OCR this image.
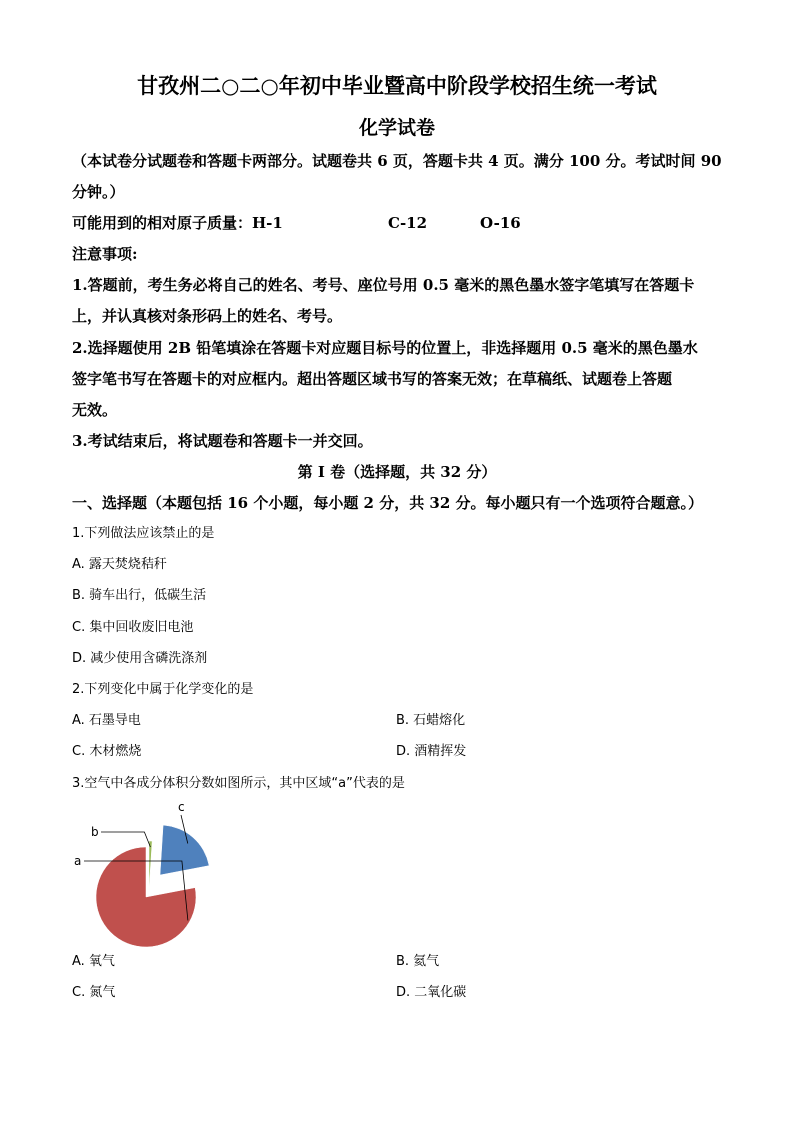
甘孜州二○二○年初中毕业暨高中阶段学校招生统一考试
化学试卷
（本试卷分试题卷和答题卡两部分。试题卷共 6 页，答题卡共 4 页。满分 100 分。考试时间 90
分钟。）
可能用到的相对原子质量：H-1	C-12	O-16
注意事项:
1.答题前，考生务必将自己的姓名、考号、座位号用 0.5 毫米的黑色墨水签字笔填写在答题卡
上，并认真核对条形码上的姓名、考号。
2.选择题使用 2B 铅笔填涂在答题卡对应题目标号的位置上，非选择题用 0.5 毫米的黑色墨水
签字笔书写在答题卡的对应框内。超出答题区域书写的答案无效；在草稿纸、试题卷上答题
无效。
3.考试结束后，将试题卷和答题卡一并交回。
第 I 卷（选择题，共 32 分）
一、选择题（本题包括 16 个小题，每小题 2 分，共 32 分。每小题只有一个选项符合题意。）
1.下列做法应该禁止的是
A. 露天焚烧秸秆
B. 骑车出行，低碳生活
C. 集中回收废旧电池
D. 减少使用含磷洗涤剂
2.下列变化中属于化学变化的是
A. 石墨导电	B. 石蜡熔化
C. 木材燃烧	D. 酒精挥发
3.空气中各成分体积分数如图所示，其中区域“a”代表的是
a
b
c
A. 氧气	B. 氦气
C. 氮气	D. 二氧化碳
